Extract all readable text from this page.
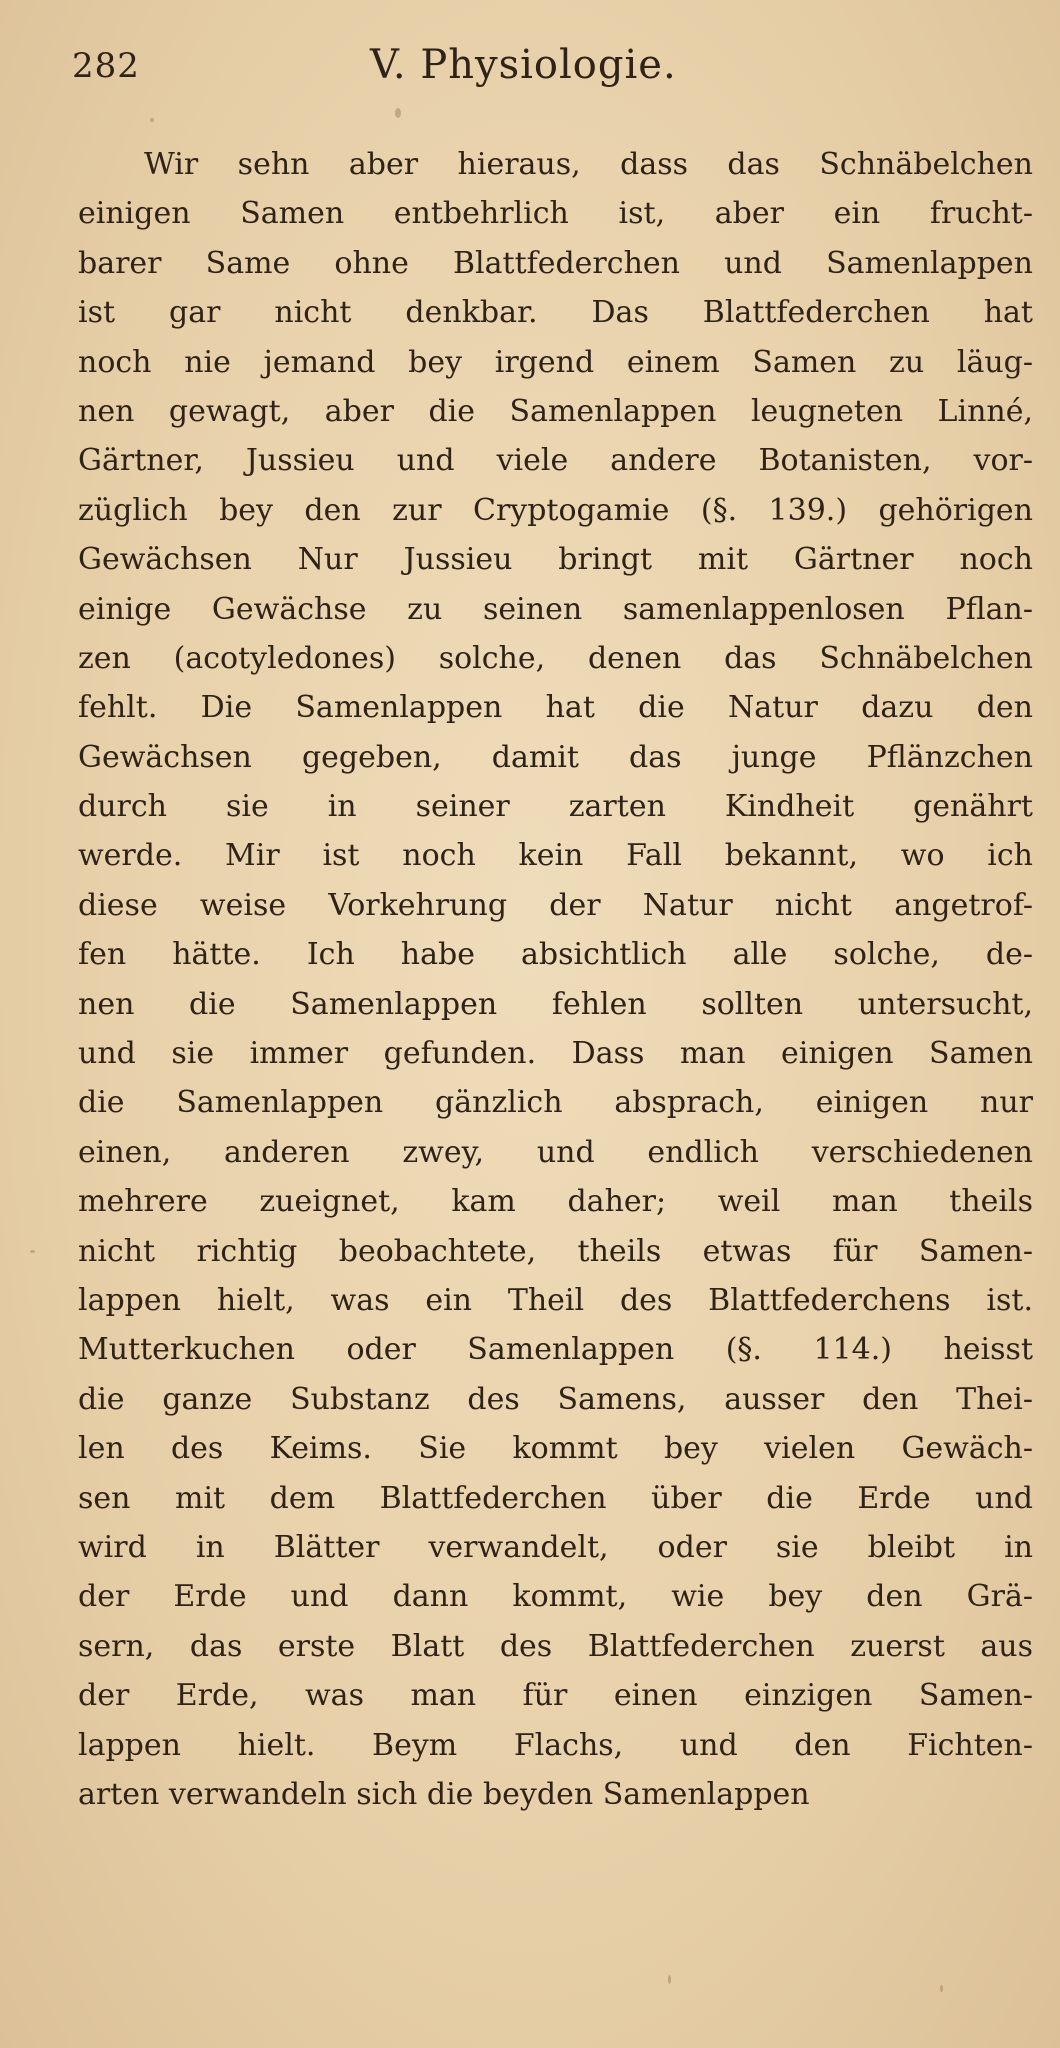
282	V. Physiologie.
Wir sehn aber hieraus, dass das Schnäbelchen
einigen Samen entbehrlich ist, aber ein frucht-
barer Same ohne Blattfederchen und Samenlappen
ist gar nicht denkbar. Das Blattfederchen hat
noch nie jemand bey irgend einem Samen zu läug-
nen gewagt, aber die Samenlappen leugneten Linné,
Gärtner, Jussieu und viele andere Botanisten, vor-
züglich bey den zur Cryptogamie (§. 139.) gehörigen
Gewächsen Nur Jussieu bringt mit Gärtner noch
einige Gewächse zu seinen samenlappenlosen Pflan-
zen (acotyledones) solche, denen das Schnäbelchen
fehlt. Die Samenlappen hat die Natur dazu den
Gewächsen gegeben, damit das junge Pflänzchen
durch sie in seiner zarten Kindheit genährt
werde. Mir ist noch kein Fall bekannt, wo ich
diese weise Vorkehrung der Natur nicht angetrof-
fen hätte. Ich habe absichtlich alle solche, de-
nen die Samenlappen fehlen sollten untersucht,
und sie immer gefunden. Dass man einigen Samen
die Samenlappen gänzlich absprach, einigen nur
einen, anderen zwey, und endlich verschiedenen
mehrere zueignet, kam daher; weil man theils
nicht richtig beobachtete, theils etwas für Samen-
lappen hielt, was ein Theil des Blattfederchens ist.
Mutterkuchen oder Samenlappen (§. 114.) heisst
die ganze Substanz des Samens, ausser den Thei-
len des Keims. Sie kommt bey vielen Gewäch-
sen mit dem Blattfederchen über die Erde und
wird in Blätter verwandelt, oder sie bleibt in
der Erde und dann kommt, wie bey den Grä-
sern, das erste Blatt des Blattfederchen zuerst aus
der Erde, was man für einen einzigen Samen-
lappen hielt. Beym Flachs, und den Fichten-
arten verwandeln sich die beyden Samenlappen
